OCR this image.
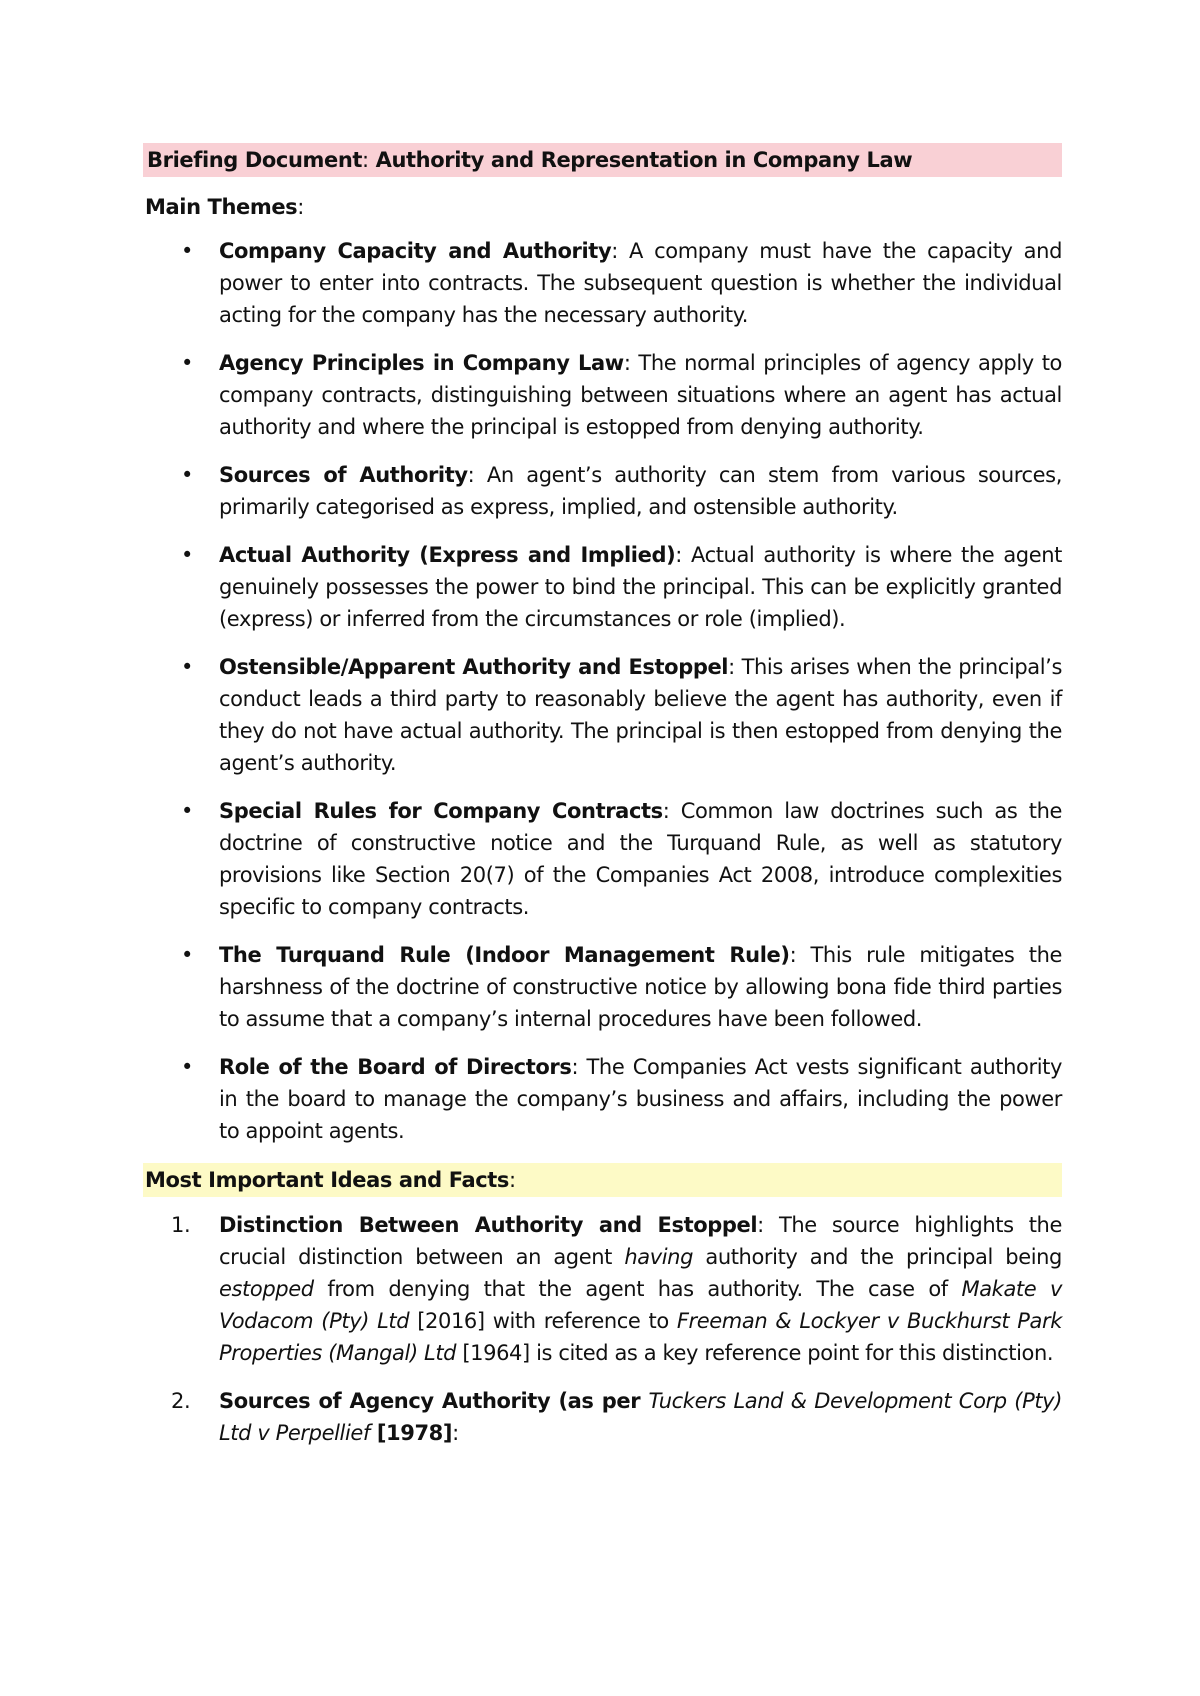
Briefing Document: Authority and Representation in Company Law
Main Themes:
•	Company Capacity and Authority: A company must have the capacity and power to enter into contracts. The subsequent question is whether the individual acting for the company has the necessary authority.
•	Agency Principles in Company Law: The normal principles of agency apply to company contracts, distinguishing between situations where an agent has actual authority and where the principal is estopped from denying authority.
•	Sources of Authority: An agent’s authority can stem from various sources, primarily categorised as express, implied, and ostensible authority.
•	Actual Authority (Express and Implied): Actual authority is where the agent genuinely possesses the power to bind the principal. This can be explicitly granted (express) or inferred from the circumstances or role (implied).
•	Ostensible/Apparent Authority and Estoppel: This arises when the principal’s conduct leads a third party to reasonably believe the agent has authority, even if they do not have actual authority. The principal is then estopped from denying the agent’s authority.
•	Special Rules for Company Contracts: Common law doctrines such as the doctrine of constructive notice and the Turquand Rule, as well as statutory provisions like Section 20(7) of the Companies Act 2008, introduce complexities specific to company contracts.
•	The Turquand Rule (Indoor Management Rule): This rule mitigates the harshness of the doctrine of constructive notice by allowing bona fide third parties to assume that a company’s internal procedures have been followed.
•	Role of the Board of Directors: The Companies Act vests significant authority in the board to manage the company’s business and affairs, including the power to appoint agents.
Most Important Ideas and Facts:
1. Distinction Between Authority and Estoppel: The source highlights the crucial distinction between an agent having authority and the principal being estopped from denying that the agent has authority. The case of Makate v Vodacom (Pty) Ltd [2016] with reference to Freeman & Lockyer v Buckhurst Park Properties (Mangal) Ltd [1964] is cited as a key reference point for this distinction.
2. Sources of Agency Authority (as per Tuckers Land & Development Corp (Pty) Ltd v Perpellief [1978]:
